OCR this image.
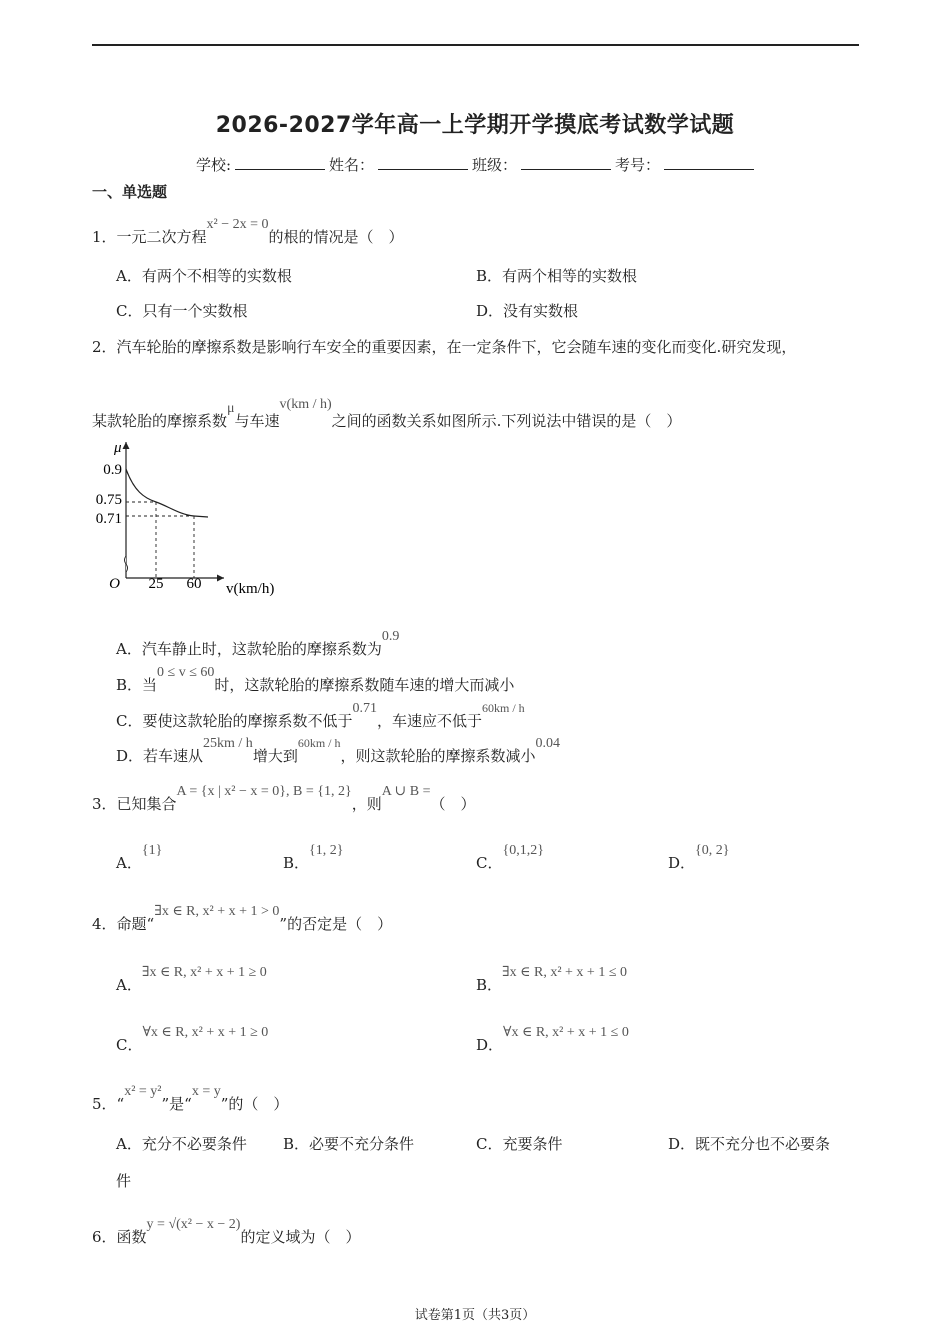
2026-2027学年高一上学期开学摸底考试数学试题
学校:	姓名：	班级：	考号：
一、单选题
1．一元二次方程x² − 2x = 0的根的情况是（　）
A．有两个不相等的实数根	B．有两个相等的实数根
C．只有一个实数根	D．没有实数根
2．汽车轮胎的摩擦系数是影响行车安全的重要因素，在一定条件下，它会随车速的变化而变化.研究发现，
某款轮胎的摩擦系数μ与车速v(km / h)之间的函数关系如图所示.下列说法中错误的是（　）
μ
0.9
0.75
0.71
O 25 60 v(km/h)
A．汽车静止时，这款轮胎的摩擦系数为0.9
B．当0 ≤ v ≤ 60时，这款轮胎的摩擦系数随车速的增大而减小
C．要使这款轮胎的摩擦系数不低于0.71，车速应不低于60km / h
D．若车速从25km / h增大到60km / h，则这款轮胎的摩擦系数减小0.04
3．已知集合A = {x | x² − x = 0}, B = {1, 2}，则A ∪ B =（　）
A．{1}
B．{1, 2}
C．{0,1,2}
D．{0, 2}
4．命题“∃x ∈ R, x² + x + 1 > 0”的否定是（　）
A．∃x ∈ R, x² + x + 1 ≥ 0
B．∃x ∈ R, x² + x + 1 ≤ 0
C．∀x ∈ R, x² + x + 1 ≥ 0
D．∀x ∈ R, x² + x + 1 ≤ 0
5．“x² = y²”是“x = y”的（　）
A．充分不必要条件 B．必要不充分条件	C．充要条件	D．既不充分也不必要条
件
6．函数y = √(x² − x − 2)的定义域为（　）
试卷第1页（共3页）
